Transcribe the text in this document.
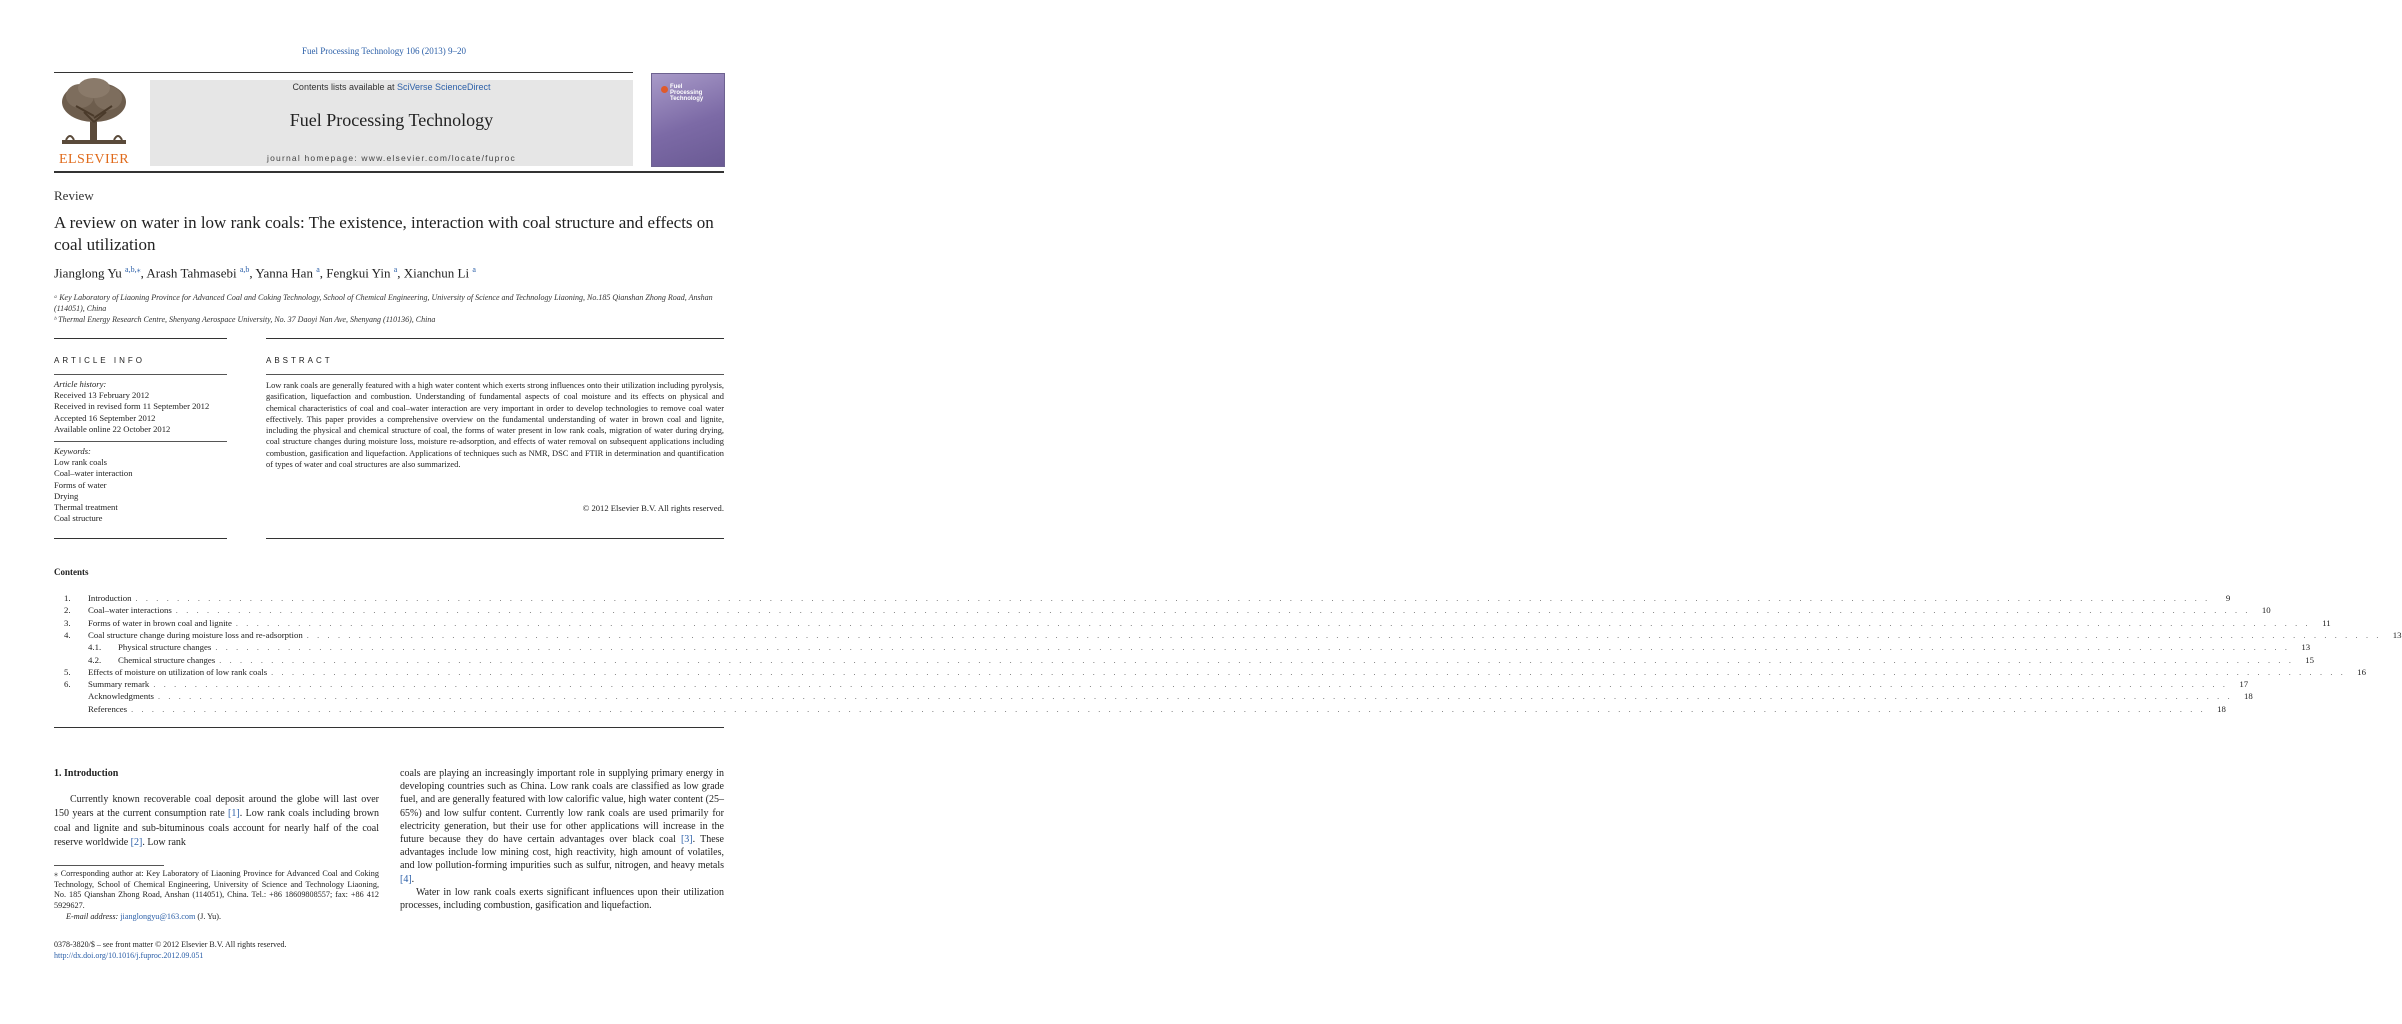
Fuel Processing Technology 106 (2013) 9–20
ELSEVIER
Contents lists available at SciVerse ScienceDirect
Fuel Processing Technology
journal homepage: www.elsevier.com/locate/fuproc
Fuel
Processing
Technology
Review
A review on water in low rank coals: The existence, interaction with coal structure and effects on coal utilization
Jianglong Yu $^{a,b,⁎}$, Arash Tahmasebi $^{a,b}$, Yanna Han $^a$, Fengkui Yin $^a$, Xianchun Li $^a$
ᵃ Key Laboratory of Liaoning Province for Advanced Coal and Coking Technology, School of Chemical Engineering, University of Science and Technology Liaoning, No.185 Qianshan Zhong Road, Anshan (114051), China
ᵇ Thermal Energy Research Centre, Shenyang Aerospace University, No. 37 Daoyi Nan Ave, Shenyang (110136), China
ARTICLE INFO	ABSTRACT
Article history:
Received 13 February 2012
Received in revised form 11 September 2012
Accepted 16 September 2012
Available online 22 October 2012
Keywords:
Low rank coals
Coal–water interaction
Forms of water
Drying
Thermal treatment
Coal structure
Low rank coals are generally featured with a high water content which exerts strong influences onto their utilization including pyrolysis, gasification, liquefaction and combustion. Understanding of fundamental aspects of coal moisture and its effects on physical and chemical characteristics of coal and coal–water interaction are very important in order to develop technologies to remove coal water effectively. This paper provides a comprehensive overview on the fundamental understanding of water in brown coal and lignite, including the physical and chemical structure of coal, the forms of water present in low rank coals, migration of water during drying, coal structure changes during moisture loss, moisture re-adsorption, and effects of water removal on subsequent applications including combustion, gasification and liquefaction. Applications of techniques such as NMR, DSC and FTIR in determination and quantification of types of water and coal structures are also summarized.
© 2012 Elsevier B.V. All rights reserved.
Contents
1.	Introduction . . . . . . . . . . . . . . . . . . . . . . . . . . . . . . . . . . . . . . . . . . . . . . . . . . . . . . . . . . . . . . . . . . . . . . . . . . . . . . . . . . . . . . . . . . . . . . . . . . . . . . . . . . . . . . . . . . . . . . . . . . . . . . . . . . . . . . . . . . . . . . . . . . . . . . . . . . . . . . . . . . . . . . . . . . . . . . . . . . . . . . . . . . . . . . . . . . . . . . . .	9
2.	Coal–water interactions . . . . . . . . . . . . . . . . . . . . . . . . . . . . . . . . . . . . . . . . . . . . . . . . . . . . . . . . . . . . . . . . . . . . . . . . . . . . . . . . . . . . . . . . . . . . . . . . . . . . . . . . . . . . . . . . . . . . . . . . . . . . . . . . . . . . . . . . . . . . . . . . . . . . . . . . . . . . . . . . . . . . . . . . . . . . . . . . . . . . . . . . . . . . . . . . . . . . . . . .	10
3.	Forms of water in brown coal and lignite . . . . . . . . . . . . . . . . . . . . . . . . . . . . . . . . . . . . . . . . . . . . . . . . . . . . . . . . . . . . . . . . . . . . . . . . . . . . . . . . . . . . . . . . . . . . . . . . . . . . . . . . . . . . . . . . . . . . . . . . . . . . . . . . . . . . . . . . . . . . . . . . . . . . . . . . . . . . . . . . . . . . . . . . . . . . . . . . . . . . . . . . . . . . . . . . . . . . . . . .	11
4.	Coal structure change during moisture loss and re-adsorption . . . . . . . . . . . . . . . . . . . . . . . . . . . . . . . . . . . . . . . . . . . . . . . . . . . . . . . . . . . . . . . . . . . . . . . . . . . . . . . . . . . . . . . . . . . . . . . . . . . . . . . . . . . . . . . . . . . . . . . . . . . . . . . . . . . . . . . . . . . . . . . . . . . . . . . . . . . . . . . . . . . . . . . . . . . . . . . . . . . . . . . . . . . . . . . . . . . . . . . .	13
4.1.	Physical structure changes . . . . . . . . . . . . . . . . . . . . . . . . . . . . . . . . . . . . . . . . . . . . . . . . . . . . . . . . . . . . . . . . . . . . . . . . . . . . . . . . . . . . . . . . . . . . . . . . . . . . . . . . . . . . . . . . . . . . . . . . . . . . . . . . . . . . . . . . . . . . . . . . . . . . . . . . . . . . . . . . . . . . . . . . . . . . . . . . . . . . . . . . . . . . . . . . . . . . . . . .	13
4.2.	Chemical structure changes . . . . . . . . . . . . . . . . . . . . . . . . . . . . . . . . . . . . . . . . . . . . . . . . . . . . . . . . . . . . . . . . . . . . . . . . . . . . . . . . . . . . . . . . . . . . . . . . . . . . . . . . . . . . . . . . . . . . . . . . . . . . . . . . . . . . . . . . . . . . . . . . . . . . . . . . . . . . . . . . . . . . . . . . . . . . . . . . . . . . . . . . . . . . . . . . . . . . . . . .	15
5.	Effects of moisture on utilization of low rank coals . . . . . . . . . . . . . . . . . . . . . . . . . . . . . . . . . . . . . . . . . . . . . . . . . . . . . . . . . . . . . . . . . . . . . . . . . . . . . . . . . . . . . . . . . . . . . . . . . . . . . . . . . . . . . . . . . . . . . . . . . . . . . . . . . . . . . . . . . . . . . . . . . . . . . . . . . . . . . . . . . . . . . . . . . . . . . . . . . . . . . . . . . . . . . . . . . . . . . . . .	16
6.	Summary remark . . . . . . . . . . . . . . . . . . . . . . . . . . . . . . . . . . . . . . . . . . . . . . . . . . . . . . . . . . . . . . . . . . . . . . . . . . . . . . . . . . . . . . . . . . . . . . . . . . . . . . . . . . . . . . . . . . . . . . . . . . . . . . . . . . . . . . . . . . . . . . . . . . . . . . . . . . . . . . . . . . . . . . . . . . . . . . . . . . . . . . . . . . . . . . . . . . . . . . . .	17
Acknowledgments . . . . . . . . . . . . . . . . . . . . . . . . . . . . . . . . . . . . . . . . . . . . . . . . . . . . . . . . . . . . . . . . . . . . . . . . . . . . . . . . . . . . . . . . . . . . . . . . . . . . . . . . . . . . . . . . . . . . . . . . . . . . . . . . . . . . . . . . . . . . . . . . . . . . . . . . . . . . . . . . . . . . . . . . . . . . . . . . . . . . . . . . . . . . . . . . . . . . . . . .	18
References . . . . . . . . . . . . . . . . . . . . . . . . . . . . . . . . . . . . . . . . . . . . . . . . . . . . . . . . . . . . . . . . . . . . . . . . . . . . . . . . . . . . . . . . . . . . . . . . . . . . . . . . . . . . . . . . . . . . . . . . . . . . . . . . . . . . . . . . . . . . . . . . . . . . . . . . . . . . . . . . . . . . . . . . . . . . . . . . . . . . . . . . . . . . . . . . . . . . . . . .	18
1. Introduction
Currently known recoverable coal deposit around the globe will last over 150 years at the current consumption rate [1]. Low rank coals including brown coal and lignite and sub-bituminous coals account for nearly half of the coal reserve worldwide [2]. Low rank
coals are playing an increasingly important role in supplying primary energy in developing countries such as China. Low rank coals are classified as low grade fuel, and are generally featured with low calorific value, high water content (25–65%) and low sulfur content. Currently low rank coals are used primarily for electricity generation, but their use for other applications will increase in the future because they do have certain advantages over black coal [3]. These advantages include low mining cost, high reactivity, high amount of volatiles, and low pollution-forming impurities such as sulfur, nitrogen, and heavy metals [4].
Water in low rank coals exerts significant influences upon their utilization processes, including combustion, gasification and liquefaction.
⁎ Corresponding author at: Key Laboratory of Liaoning Province for Advanced Coal and Coking Technology, School of Chemical Engineering, University of Science and Technology Liaoning, No. 185 Qianshan Zhong Road, Anshan (114051), China. Tel.: +86 18609808557; fax: +86 412 5929627.
E-mail address: jianglongyu@163.com (J. Yu).
0378-3820/$ – see front matter © 2012 Elsevier B.V. All rights reserved.
http://dx.doi.org/10.1016/j.fuproc.2012.09.051
